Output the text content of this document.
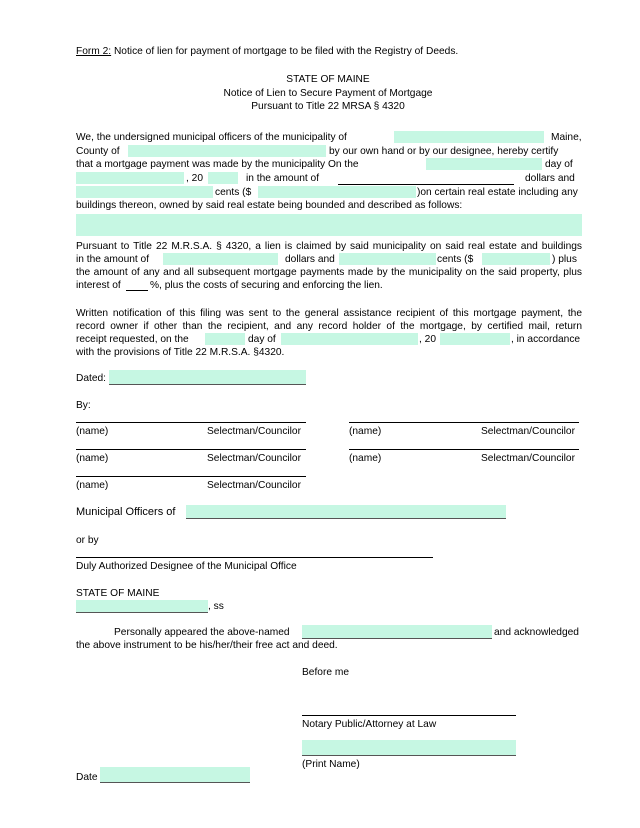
Form 2: Notice of lien for payment of mortgage to be filed with the Registry of Deeds.
STATE OF MAINE
Notice of Lien to Secure Payment of Mortgage
Pursuant to Title 22 MRSA § 4320
We, the undersigned municipal officers of the municipality of	Maine,
County of	by our own hand or by our designee, hereby certify
that a mortgage payment was made by the municipality On the	day of
, 20	in the amount of	dollars and
cents ($	)on certain real estate including any
buildings thereon, owned by said real estate being bounded and described as follows:
Pursuant to Title 22 M.R.S.A. § 4320, a lien is claimed by said municipality on said real estate and buildings
in the amount of	dollars and	cents ($	) plus
the amount of any and all subsequent mortgage payments made by the municipality on the said property, plus
interest of	%, plus the costs of securing and enforcing the lien.
Written notification of this filing was sent to the general assistance recipient of this mortgage payment, the
record owner if other than the recipient, and any record holder of the mortgage, by certified mail, return
receipt requested, on the	day of	, 20	, in accordance
with the provisions of Title 22 M.R.S.A. §4320.
Dated:
By:
(name)	Selectman/Councilor	(name)	Selectman/Councilor
(name)	Selectman/Councilor	(name)	Selectman/Councilor
(name)	Selectman/Councilor
Municipal Officers of
or by
Duly Authorized Designee of the Municipal Office
STATE OF MAINE
, ss
Personally appeared the above-named	and acknowledged
the above instrument to be his/her/their free act and deed.
Before me
Notary Public/Attorney at Law
(Print Name)
Date
